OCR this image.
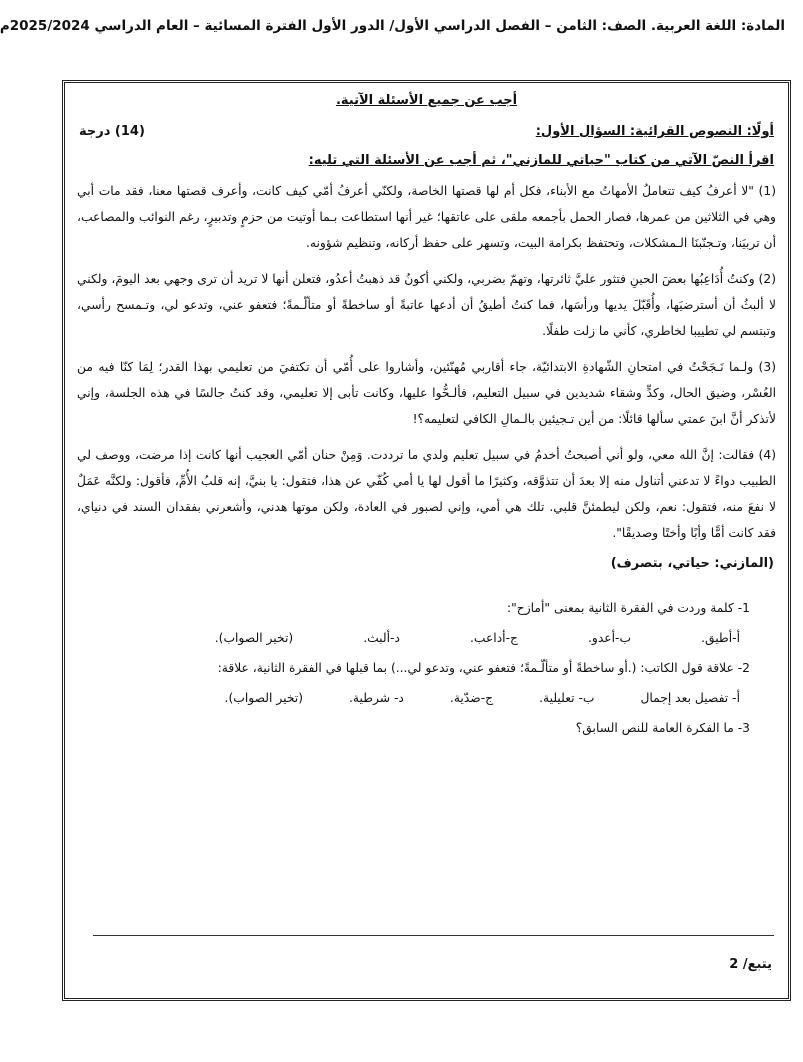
المادة: اللغة العربية. الصف: الثامن – الفصل الدراسي الأول/ الدور الأول الفترة المسائية – العام الدراسي 2025/2024م
أجب عن جميع الأسئلة الآتية.
أولًا: النصوص القرائية: السؤال الأول:
(14) درجة
اقرأ النصّ الآتي من كتاب "حياتي للمازني"، ثم أجب عن الأسئلة التي تليه:
(1) "لا أعرفُ كيف تتعاملُ الأمهاتُ مع الأبناء، فكل أم لها قصتها الخاصة، ولكنّي أعرفُ أمّي كيف كانت، وأعرف قصتها معنا، فقد مات أبي وهي في الثلاثين من عمرها، فصار الحمل بأجمعه ملقى على عاتقها؛ غير أنها استطاعت بـما أوتيت من حزمٍ وتدبيرٍ، رغم النوائب والمصاعب، أن تربيَنا، وتـجنّبنَا الـمشكلات، وتحتفظ بكرامة البيت، وتسهر على حفظ أركانه، وتنظيم شؤونه.
(2) وكنتُ أُدَاعِبُها بعضَ الحينِ فتثور عليَّ ثائرتها، وتهمّ بضربي، ولكني أكونُ قد ذهبتُ أعدُو، فتعلن أنها لا تريد أن ترى وجهي بعد اليومَ، ولكني لا ألبثُ أن أسترضيَها، وأُقَبّلَ يديها ورأسَها، فما كنتُ أطيقُ أن أدعها عاتبةً أو ساخطةً أو متألّـمةً؛ فتعفو عني، وتدعو لي، وتـمسح رأسي، وتبتسم لي تطييبا لخاطري، كأني ما زلت طفلًا.
(3) ولـما نَـجَحْتُ في امتحانِ الشّهادةِ الابتدائيّة، جاء أقاربي مُهنّئين، وأشاروا على أُمّي أن تكتفيَ من تعليمي بهذا القدر؛ لِمَا كنّا فيه من العُسْر، وضيق الحال، وكدٍّ وشقاء شديدين في سبيل التعليم، فألـحُّوا عليها، وكانت تأبى إلا تعليمي، وقد كنتُ جالسًا في هذه الجلسة، وإني لأتذكر أنَّ ابنَ عمتي سألها قائلًا: من أين تـجيئين بالـمالِ الكافي لتعليمه؟!
(4) فقالت: إنَّ الله معي، ولو أني أصبحتُ أخدمُ في سبيل تعليم ولدي ما ترددت. وَمِنْ حنان أمّي العجيب أنها كانت إذا مرضت، ووصف لي الطبيب دواءً لا تدعني أتناول منه إلا بعدَ أن تتذوَّقه، وكثيرًا ما أقول لها يا أمي كُفّي عن هذا، فتقول: يا بنيَّ، إنه قلبُ الأُمِّ، فأقول: ولكنَّه عَمَلٌ لا نفعَ منه، فتقول: نعم، ولكن ليطمئنَّ قلبي. تلك هي أمي، وإني لصبور في العادة، ولكن موتها هدني، وأشعرني بفقدان السند في دنياي، فقد كانت أمًّا وأبًا وأختًا وصديقًا".
(المازني: حياتي، بتصرف)
1- كلمة وردت في الفقرة الثانية بمعنى "أمازح":
أ-أطيق.
ب-أعدو.
ج-أداعب.
د-ألبث.
(تخير الصواب).
2- علاقة قول الكاتب: (.أو ساخطةً أو متألّـمةً؛ فتعفو عني، وتدعو لي...) بما قبلها في الفقرة الثانية، علاقة:
أ- تفصيل بعد إجمال
ب- تعليلية.
ج-ضدّية.
د- شرطية.
(تخير الصواب).
3- ما الفكرة العامة للنص السابق؟
يتبع/ 2
